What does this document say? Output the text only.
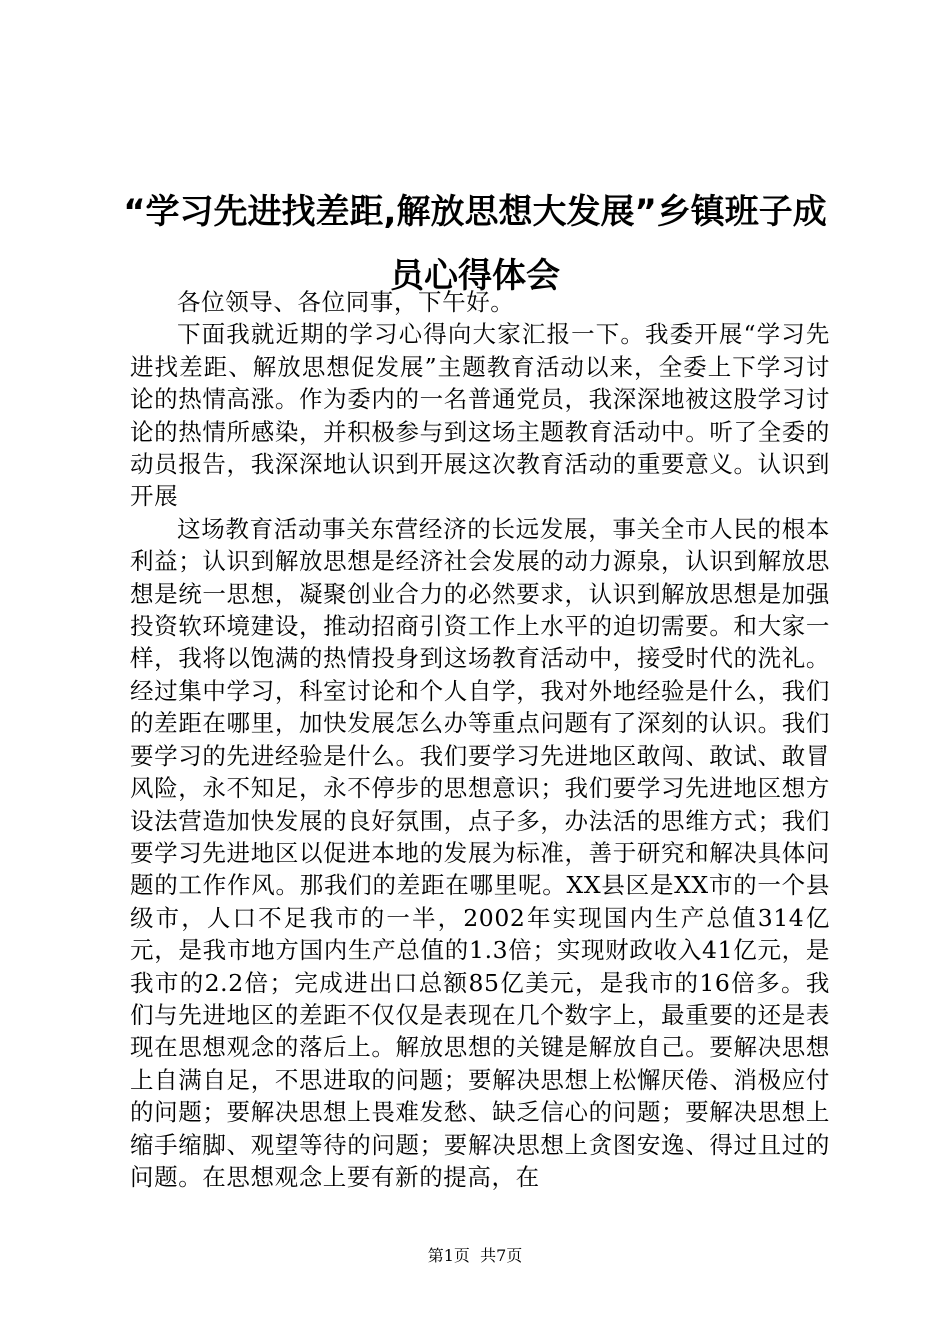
“学习先进找差距,解放思想大发展”乡镇班子成员心得体会

各位领导、各位同事，下午好。

下面我就近期的学习心得向大家汇报一下。我委开展“学习先进找差距、解放思想促发展”主题教育活动以来，全委上下学习讨论的热情高涨。作为委内的一名普通党员，我深深地被这股学习讨论的热情所感染，并积极参与到这场主题教育活动中。听了全委的动员报告，我深深地认识到开展这次教育活动的重要意义。认识到开展

这场教育活动事关东营经济的长远发展，事关全市人民的根本利益；认识到解放思想是经济社会发展的动力源泉，认识到解放思想是统一思想，凝聚创业合力的必然要求，认识到解放思想是加强投资软环境建设，推动招商引资工作上水平的迫切需要。和大家一样，我将以饱满的热情投身到这场教育活动中，接受时代的洗礼。经过集中学习，科室讨论和个人自学，我对外地经验是什么，我们的差距在哪里，加快发展怎么办等重点问题有了深刻的认识。我们要学习的先进经验是什么。我们要学习先进地区敢闯、敢试、敢冒风险，永不知足，永不停步的思想意识；我们要学习先进地区想方设法营造加快发展的良好氛围，点子多，办法活的思维方式；我们要学习先进地区以促进本地的发展为标准，善于研究和解决具体问题的工作作风。那我们的差距在哪里呢。XX县区是XX市的一个县级市，人口不足我市的一半，2002年实现国内生产总值314亿元，是我市地方国内生产总值的1.3倍；实现财政收入41亿元，是我市的2.2倍；完成进出口总额85亿美元，是我市的16倍多。我们与先进地区的差距不仅仅是表现在几个数字上，最重要的还是表现在思想观念的落后上。解放思想的关键是解放自己。要解决思想上自满自足，不思进取的问题；要解决思想上松懈厌倦、消极应付的问题；要解决思想上畏难发愁、缺乏信心的问题；要解决思想上缩手缩脚、观望等待的问题；要解决思想上贪图安逸、得过且过的问题。在思想观念上要有新的提高，在

第1页 共7页
